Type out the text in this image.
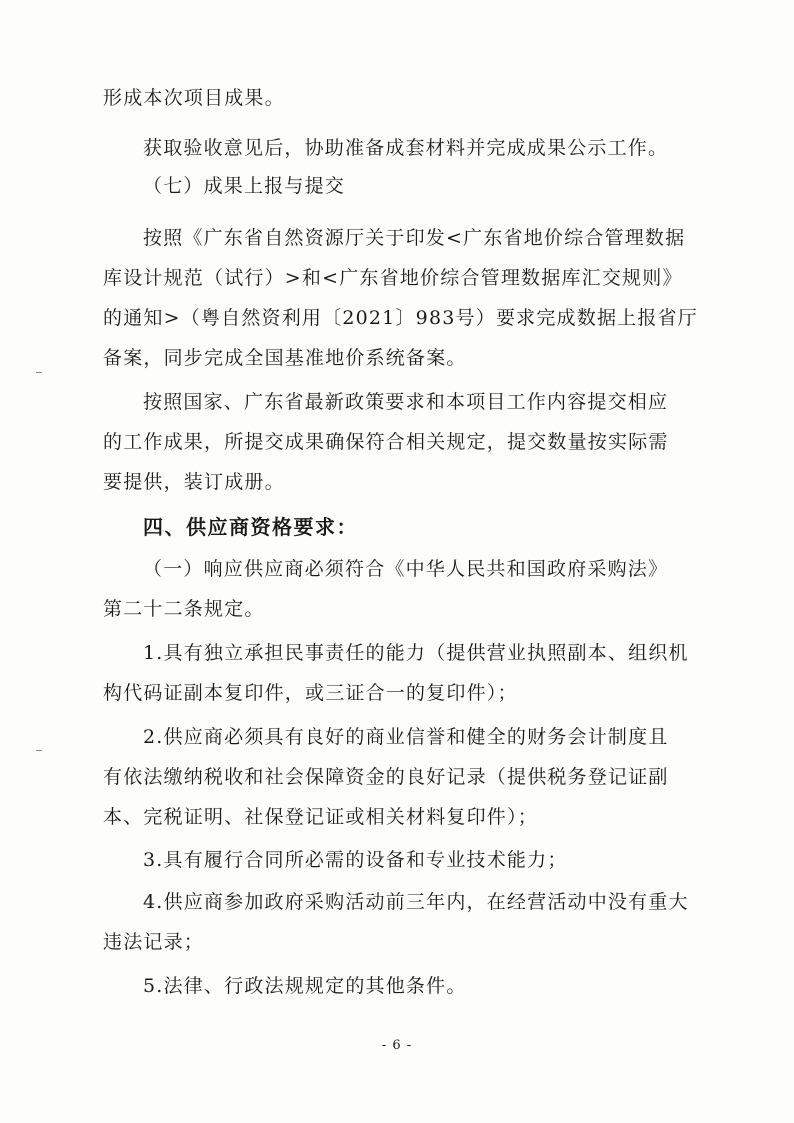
形成本次项目成果。
获取验收意见后，协助准备成套材料并完成成果公示工作。
（七）成果上报与提交
按照《广东省自然资源厅关于印发<广东省地价综合管理数据
库设计规范（试行）>和<广东省地价综合管理数据库汇交规则》
的通知>（粤自然资利用〔2021〕983号）要求完成数据上报省厅
备案，同步完成全国基准地价系统备案。
按照国家、广东省最新政策要求和本项目工作内容提交相应
的工作成果，所提交成果确保符合相关规定，提交数量按实际需
要提供，装订成册。
四、供应商资格要求：
（一）响应供应商必须符合《中华人民共和国政府采购法》
第二十二条规定。
1.具有独立承担民事责任的能力（提供营业执照副本、组织机
构代码证副本复印件，或三证合一的复印件）；
2.供应商必须具有良好的商业信誉和健全的财务会计制度且
有依法缴纳税收和社会保障资金的良好记录（提供税务登记证副
本、完税证明、社保登记证或相关材料复印件）；
3.具有履行合同所必需的设备和专业技术能力；
4.供应商参加政府采购活动前三年内，在经营活动中没有重大
违法记录；
5.法律、行政法规规定的其他条件。
- 6 -
